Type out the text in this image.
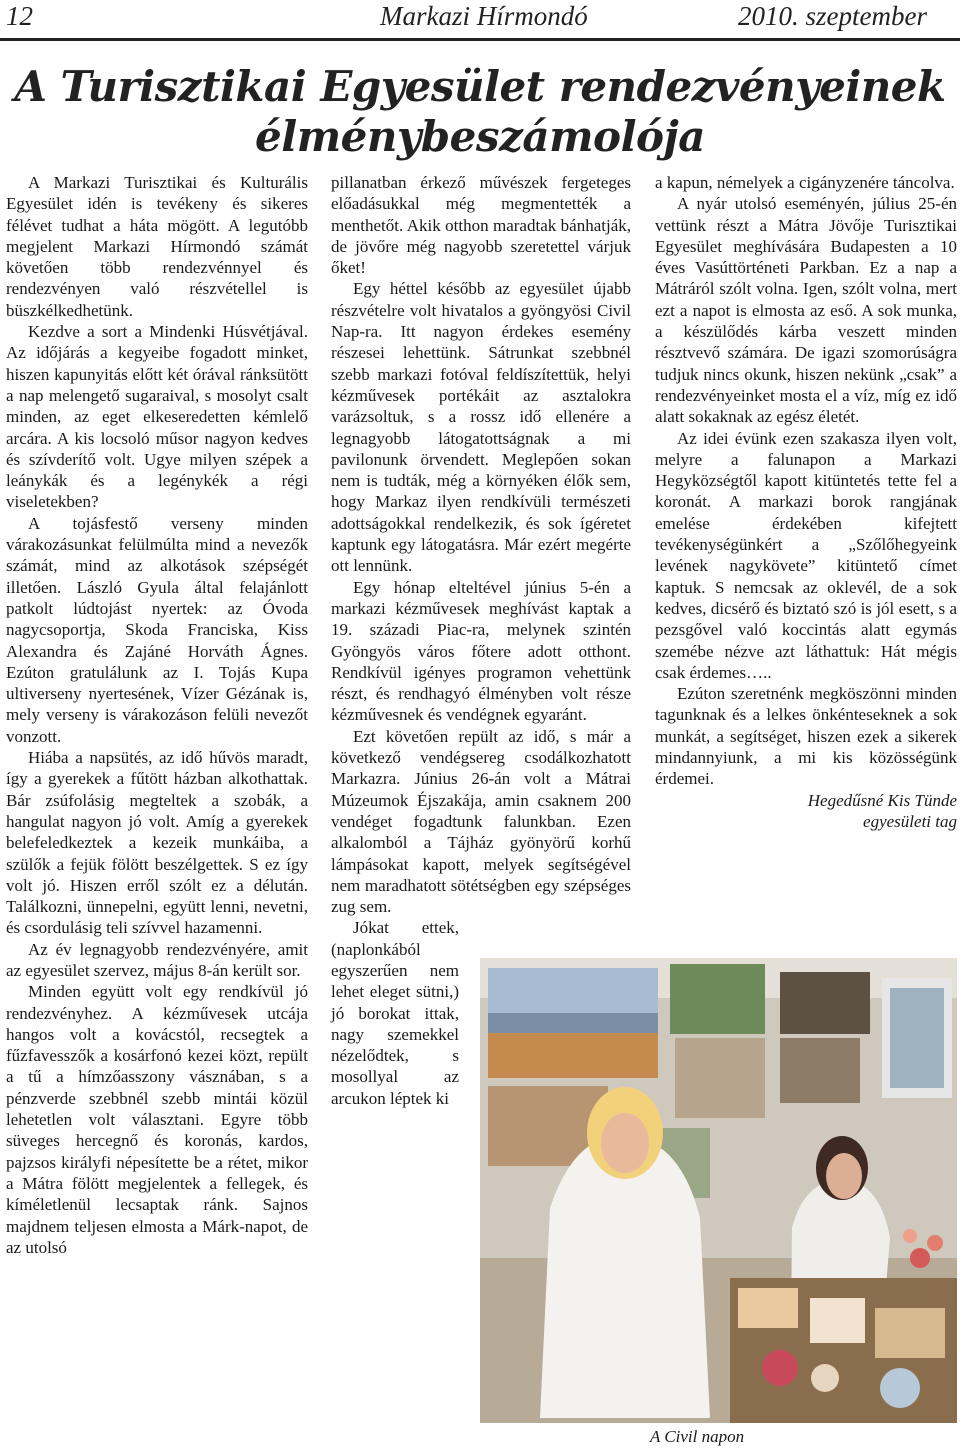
12	Markazi Hírmondó	2010. szeptember
A Turisztikai Egyesület rendezvényeinek
élménybeszámolója

A Markazi Turisztikai és Kulturális Egyesület idén is tevékeny és sikeres félévet tudhat a háta mögött. A legutóbb megjelent Markazi Hírmondó számát követően több rendezvénnyel és rendezvényen való részvétellel is büszkélkedhetünk.

Kezdve a sort a Mindenki Húsvétjával. Az időjárás a kegyeibe fogadott minket, hiszen kapunyitás előtt két órával ránksütött a nap melengető sugaraival, s mosolyt csalt minden, az eget elkeseredetten kémlelő arcára. A kis locsoló műsor nagyon kedves és szívderítő volt. Ugye milyen szépek a leánykák és a legénykék a régi viseletekben?

A tojásfestő verseny minden várakozásunkat felülmúlta mind a nevezők számát, mind az alkotások szépségét illetően. László Gyula által felajánlott patkolt lúdtojást nyertek: az Óvoda nagycsoportja, Skoda Franciska, Kiss Alexandra és Zajáné Horváth Ágnes. Ezúton gratulálunk az I. Tojás Kupa ultiverseny nyertesének, Vízer Gézának is, mely verseny is várakozáson felüli nevezőt vonzott.

Hiába a napsütés, az idő hűvös maradt, így a gyerekek a fűtött házban alkothattak. Bár zsúfolásig megteltek a szobák, a hangulat nagyon jó volt. Amíg a gyerekek belefeledkeztek a kezeik munkáiba, a szülők a fejük fölött beszélgettek. S ez így volt jó. Hiszen erről szólt ez a délután. Találkozni, ünnepelni, együtt lenni, nevetni, és csordulásig teli szívvel hazamenni.

Az év legnagyobb rendezvényére, amit az egyesület szervez, május 8-án került sor.

Minden együtt volt egy rendkívül jó rendezvényhez. A kézművesek utcája hangos volt a kovácstól, recsegtek a fűzfavesszők a kosárfonó kezei közt, repült a tű a hímzőasszony vásznában, s a pénzverde szebbnél szebb mintái közül lehetetlen volt választani. Egyre több süveges hercegnő és koronás, kardos, pajzsos királyfi népesítette be a rétet, mikor a Mátra fölött megjelentek a fellegek, és kíméletlenül lecsaptak ránk. Sajnos majdnem teljesen elmosta a Márk-napot, de az utolsó

pillanatban érkező művészek fergeteges előadásukkal még megmentették a menthetőt. Akik otthon maradtak bánhatják, de jövőre még nagyobb szeretettel várjuk őket!

Egy héttel később az egyesület újabb részvételre volt hivatalos a gyöngyösi Civil Nap-ra. Itt nagyon érdekes esemény részesei lehettünk. Sátrunkat szebbnél szebb markazi fotóval feldíszítettük, helyi kézművesek portékáit az asztalokra varázsoltuk, s a rossz idő ellenére a legnagyobb látogatottságnak a mi pavilonunk örvendett. Meglepően sokan nem is tudták, még a környéken élők sem, hogy Markaz ilyen rendkívüli természeti adottságokkal rendelkezik, és sok ígéretet kaptunk egy látogatásra. Már ezért megérte ott lennünk.

Egy hónap elteltével június 5-én a markazi kézművesek meghívást kaptak a 19. századi Piac-ra, melynek szintén Gyöngyös város főtere adott otthont. Rendkívül igényes programon vehettünk részt, és rendhagyó élményben volt része kézművesnek és vendégnek egyaránt.

Ezt követően repült az idő, s már a következő vendégsereg csodálkozhatott Markazra. Június 26-án volt a Mátrai Múzeumok Éjszakája, amin csaknem 200 vendéget fogadtunk falunkban. Ezen alkalomból a Tájház gyönyörű korhű lámpásokat kapott, melyek segítségével nem maradhatott sötétségben egy szépséges zug sem.

Jókat ettek, (naplonkából egyszerűen nem lehet eleget sütni,) jó borokat ittak, nagy szemekkel nézelődtek, s mosollyal az arcukon léptek ki

a kapun, némelyek a cigányzenére táncolva.

A nyár utolsó eseményén, július 25-én vettünk részt a Mátra Jövője Turisztikai Egyesület meghívására Budapesten a 10 éves Vasúttörténeti Parkban. Ez a nap a Mátráról szólt volna. Igen, szólt volna, mert ezt a napot is elmosta az eső. A sok munka, a készülődés kárba veszett minden résztvevő számára. De igazi szomorúságra tudjuk nincs okunk, hiszen nekünk „csak” a rendezvényeinket mosta el a víz, míg ez idő alatt sokaknak az egész életét.

Az idei évünk ezen szakasza ilyen volt, melyre a falunapon a Markazi Hegyközségtől kapott kitüntetés tette fel a koronát. A markazi borok rangjának emelése érdekében kifejtett tevékenységünkért a „Szőlőhegyeink levének nagykövete” kitüntető címet kaptuk. S nemcsak az oklevél, de a sok kedves, dicsérő és biztató szó is jól esett, s a pezsgővel való koccintás alatt egymás szemébe nézve azt láthattuk: Hát mégis csak érdemes…..

Ezúton szeretnénk megköszönni minden tagunknak és a lelkes önkénteseknek a sok munkát, a segítséget, hiszen ezek a sikerek mindannyiunk, a mi kis közösségünk érdemei.

Hegedűsné Kis Tünde

egyesületi tag

A Civil napon
